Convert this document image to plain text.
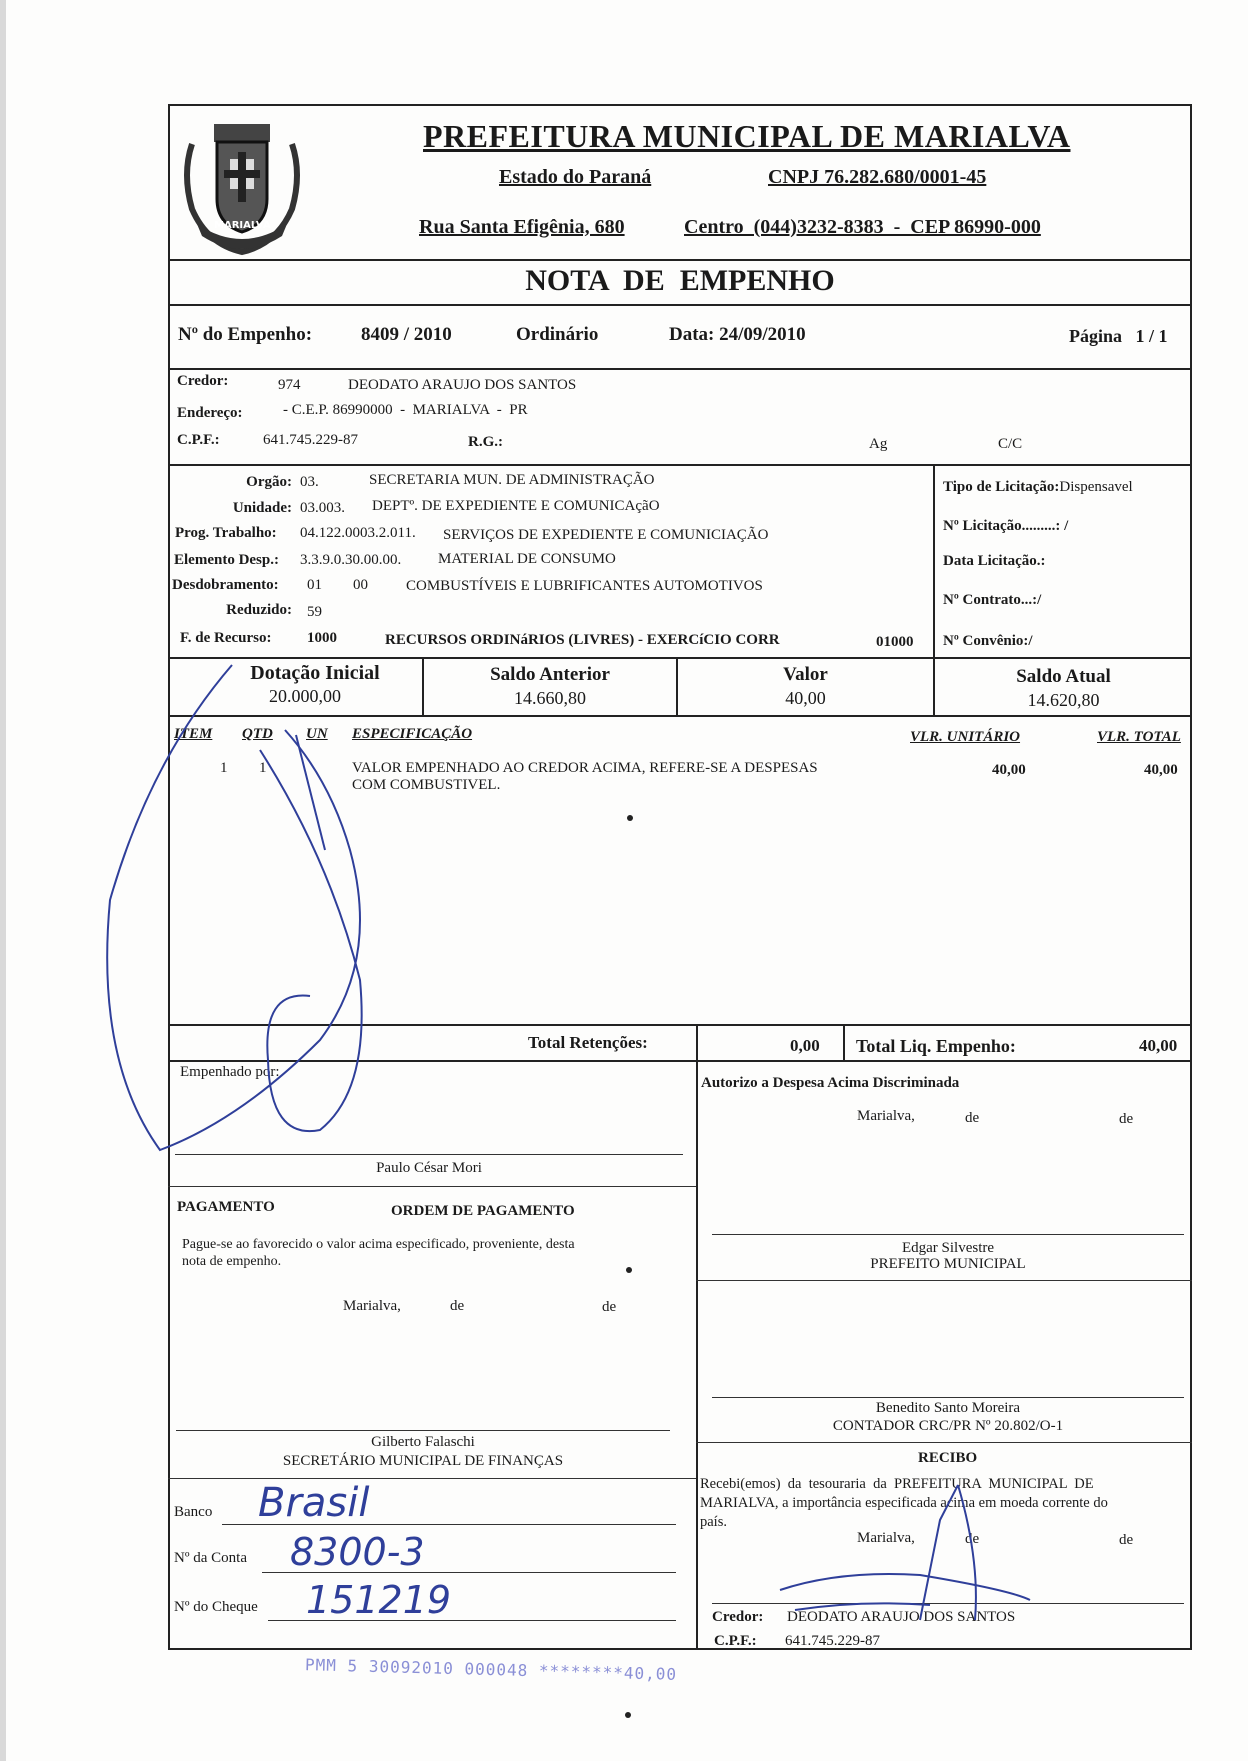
MARIALVA
PREFEITURA MUNICIPAL DE MARIALVA
Estado do Paraná	CNPJ 76.282.680/0001-45
Rua Santa Efigênia, 680	Centro  (044)3232-8383  -  CEP 86990-000
NOTA  DE  EMPENHO
Nº do Empenho:	8409 / 2010	Ordinário	Data: 24/09/2010	Página   1 / 1
Credor:	974	DEODATO ARAUJO DOS SANTOS
Endereço:	- C.E.P. 86990000  -  MARIALVA  -  PR
C.P.F.:	641.745.229-87	R.G.:	Ag	C/C
Orgão: 03.	SECRETARIA MUN. DE ADMINISTRAÇÃO
Unidade: 03.003. DEPTº. DE EXPEDIENTE E COMUNICAçãO
Prog. Trabalho: 04.122.0003.2.011. SERVIÇOS DE EXPEDIENTE E COMUNICIAÇÃO
Elemento Desp.: 3.3.9.0.30.00.00. MATERIAL DE CONSUMO
Desdobramento: 01 00	COMBUSTÍVEIS E LUBRIFICANTES AUTOMOTIVOS
Reduzido: 59
F. de Recurso: 1000	RECURSOS ORDINáRIOS (LIVRES) - EXERCíCIO CORR	01000
Tipo de Licitação:Dispensavel
Nº Licitação.........: /
Data Licitação.:
Nº Contrato...:/
Nº Convênio:/
Dotação Inicial
20.000,00
Saldo Anterior
14.660,80
Valor
40,00
Saldo Atual
14.620,80
ITEM QTD UN ESPECIFICAÇÃO	VLR. UNITÁRIO	VLR. TOTAL
1 1	VALOR EMPENHADO AO CREDOR ACIMA, REFERE-SE A DESPESAS
COM COMBUSTIVEL.
40,00	40,00
Total Retenções:	0,00 Total Liq. Empenho:	40,00
Empenhado por:
Paulo César Mori
PAGAMENTO	ORDEM DE PAGAMENTO
Pague-se ao favorecido o valor acima especificado, proveniente, desta
nota de empenho.
Marialva,	de	de
Gilberto Falaschi
SECRETÁRIO MUNICIPAL DE FINANÇAS
Banco Brasil
Nº da Conta 8300-3
Nº do Cheque 151219
Autorizo a Despesa Acima Discriminada
Marialva,	de	de
Edgar Silvestre
PREFEITO MUNICIPAL
Benedito Santo Moreira
CONTADOR CRC/PR Nº 20.802/O-1
RECIBO
Recebi(emos)  da  tesouraria  da  PREFEITURA  MUNICIPAL  DE
MARIALVA, a importância especificada acima em moeda corrente do
país.
Marialva,	de	de
Credor: DEODATO ARAUJO DOS SANTOS
C.P.F.: 641.745.229-87
PMM 5 30092010 000048 ********40,00
